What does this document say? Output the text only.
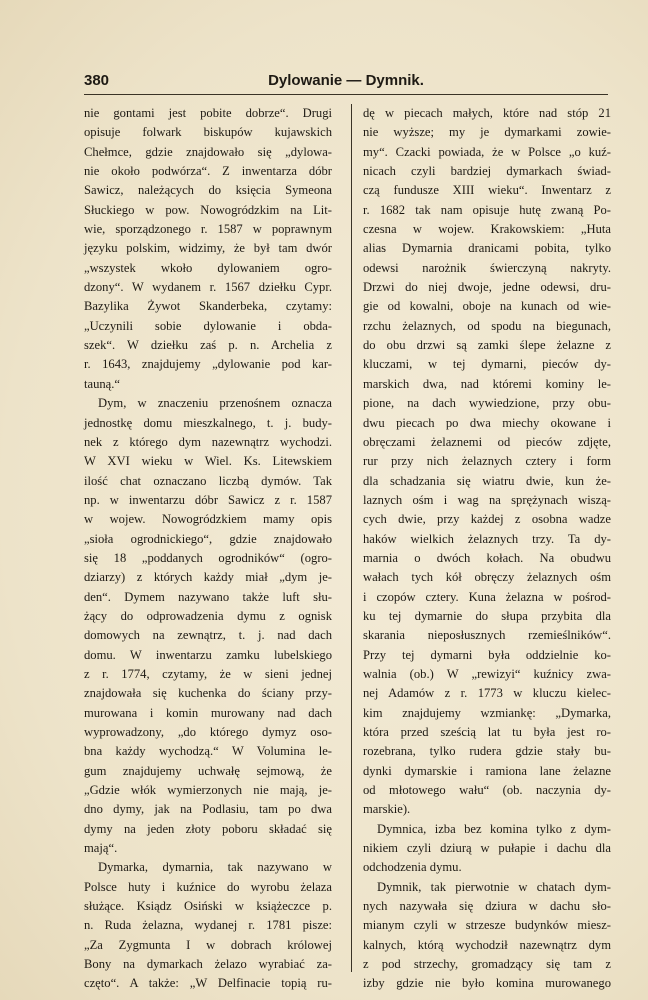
380	Dylowanie — Dymnik.
nie gontami jest pobite dobrze“. Drugi
opisuje folwark biskupów kujawskich
Chełmce, gdzie znajdowało się „dylowa-
nie około podwórza“. Z inwentarza dóbr
Sawicz, należących do księcia Symeona
Słuckiego w pow. Nowogródzkim na Lit-
wie, sporządzonego r. 1587 w poprawnym
języku polskim, widzimy, że był tam dwór
„wszystek wkoło dylowaniem ogro-
dzony“. W wydanem r. 1567 dziełku Cypr.
Bazylika Żywot Skanderbeka, czytamy:
„Uczynili sobie dylowanie i obda-
szek“. W dziełku zaś p. n. Archelia z
r. 1643, znajdujemy „dylowanie pod kar-
tauną.“
Dym, w znaczeniu przenośnem oznacza
jednostkę domu mieszkalnego, t. j. budy-
nek z którego dym nazewnątrz wychodzi.
W XVI wieku w Wiel. Ks. Litewskiem
ilość chat oznaczano liczbą dymów. Tak
np. w inwentarzu dóbr Sawicz z r. 1587
w wojew. Nowogródzkiem mamy opis
„sioła ogrodnickiego“, gdzie znajdowało
się 18 „poddanych ogrodników“ (ogro-
dziarzy) z których każdy miał „dym je-
den“. Dymem nazywano także luft słu-
żący do odprowadzenia dymu z ognisk
domowych na zewnątrz, t. j. nad dach
domu. W inwentarzu zamku lubelskiego
z r. 1774, czytamy, że w sieni jednej
znajdowała się kuchenka do ściany przy-
murowana i komin murowany nad dach
wyprowadzony, „do którego dymyz oso-
bna każdy wychodzą.“ W Volumina le-
gum znajdujemy uchwałę sejmową, że
„Gdzie włók wymierzonych nie mają, je-
dno dymy, jak na Podlasiu, tam po dwa
dymy na jeden złoty poboru składać się
mają“.
Dymarka, dymarnia, tak nazywano w
Polsce huty i kuźnice do wyrobu żelaza
służące. Ksiądz Osiński w książeczce p.
n. Ruda żelazna, wydanej r. 1781 pisze:
„Za Zygmunta I w dobrach królowej
Bony na dymarkach żelazo wyrabiać za-
częto“. A także: „W Delfinacie topią ru-
dę w piecach małych, które nad stóp 21
nie wyższe; my je dymarkami zowie-
my“. Czacki powiada, że w Polsce „o kuź-
nicach czyli bardziej dymarkach świad-
czą fundusze XIII wieku“. Inwentarz z
r. 1682 tak nam opisuje hutę zwaną Po-
czesna w wojew. Krakowskiem: „Huta
alias Dymarnia dranicami pobita, tylko
odewsi narożnik świerczyną nakryty.
Drzwi do niej dwoje, jedne odewsi, dru-
gie od kowalni, oboje na kunach od wie-
rzchu żelaznych, od spodu na biegunach,
do obu drzwi są zamki ślepe żelazne z
kluczami, w tej dymarni, pieców dy-
marskich dwa, nad któremi kominy le-
pione, na dach wywiedzione, przy obu-
dwu piecach po dwa miechy okowane i
obręczami żelaznemi od pieców zdjęte,
rur przy nich żelaznych cztery i form
dla schadzania się wiatru dwie, kun że-
laznych ośm i wag na sprężynach wiszą-
cych dwie, przy każdej z osobna wadze
haków wielkich żelaznych trzy. Ta dy-
marnia o dwóch kołach. Na obudwu
wałach tych kół obręczy żelaznych ośm
i czopów cztery. Kuna żelazna w pośrod-
ku tej dymarnie do słupa przybita dla
skarania nieposłusznych rzemieślników“.
Przy tej dymarni była oddzielnie ko-
walnia (ob.) W „rewizyi“ kuźnicy zwa-
nej Adamów z r. 1773 w kluczu kielec-
kim znajdujemy wzmiankę: „Dymarka,
która przed sześcią lat tu była jest ro-
rozebrana, tylko rudera gdzie stały bu-
dynki dymarskie i ramiona lane żelazne
od młotowego wału“ (ob. naczynia dy-
marskie).
Dymnica, izba bez komina tylko z dym-
nikiem czyli dziurą w pułapie i dachu dla
odchodzenia dymu.
Dymnik, tak pierwotnie w chatach dym-
nych nazywała się dziura w dachu sło-
mianym czyli w strzesze budynków miesz-
kalnych, którą wychodził nazewnątrz dym
z pod strzechy, gromadzący się tam z
izby gdzie nie było komina murowanego
